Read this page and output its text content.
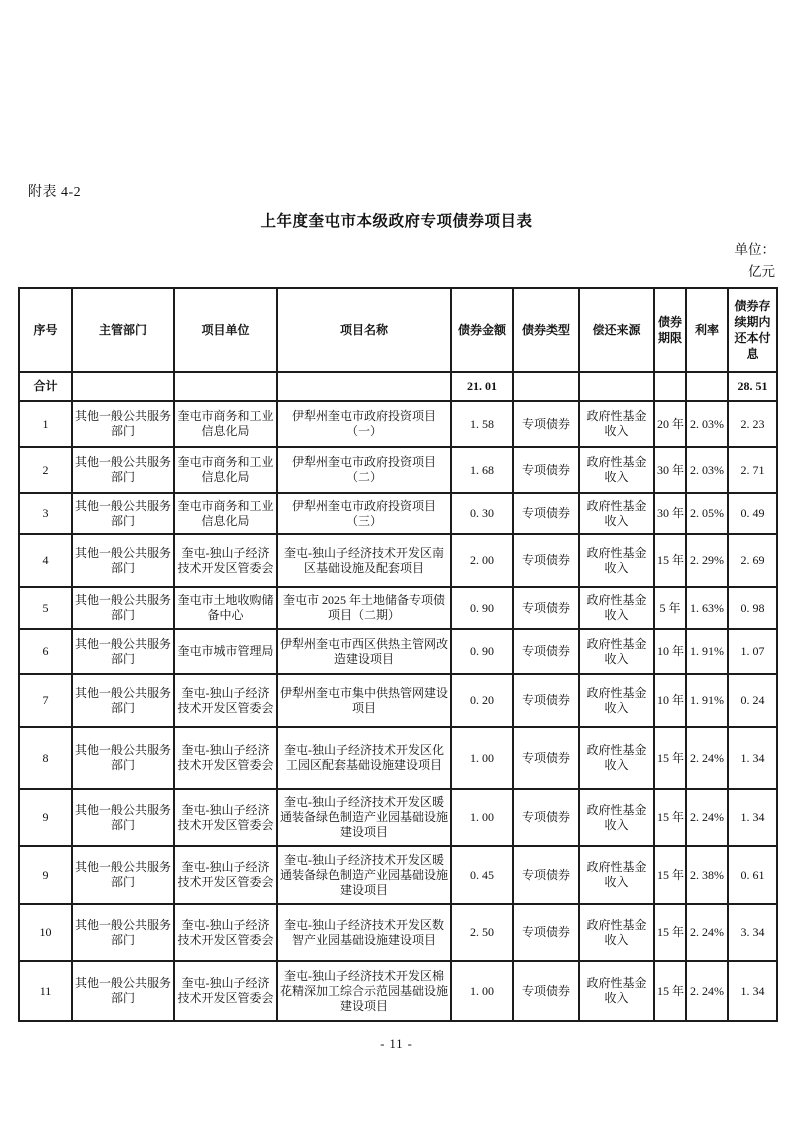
附表 4-2
上年度奎屯市本级政府专项债券项目表
单位：
亿元
序号	主管部门	项目单位	项目名称	债券金额	债券类型	偿还来源	债券期限	利率	债券存续期内还本付息
合计				21. 01					28. 51
1	其他一般公共服务部门	奎屯市商务和工业信息化局	伊犁州奎屯市政府投资项目（一）	1. 58	专项债券	政府性基金收入	20 年	2. 03%	2. 23
2	其他一般公共服务部门	奎屯市商务和工业信息化局	伊犁州奎屯市政府投资项目（二）	1. 68	专项债券	政府性基金收入	30 年	2. 03%	2. 71
3	其他一般公共服务部门	奎屯市商务和工业信息化局	伊犁州奎屯市政府投资项目（三）	0. 30	专项债券	政府性基金收入	30 年	2. 05%	0. 49
4	其他一般公共服务部门	奎屯-独山子经济技术开发区管委会	奎屯-独山子经济技术开发区南区基础设施及配套项目	2. 00	专项债券	政府性基金收入	15 年	2. 29%	2. 69
5	其他一般公共服务部门	奎屯市土地收购储备中心	奎屯市 2025 年土地储备专项债项目（二期）	0. 90	专项债券	政府性基金收入	5 年	1. 63%	0. 98
6	其他一般公共服务部门	奎屯市城市管理局	伊犁州奎屯市西区供热主管网改造建设项目	0. 90	专项债券	政府性基金收入	10 年	1. 91%	1. 07
7	其他一般公共服务部门	奎屯-独山子经济技术开发区管委会	伊犁州奎屯市集中供热管网建设项目	0. 20	专项债券	政府性基金收入	10 年	1. 91%	0. 24
8	其他一般公共服务部门	奎屯-独山子经济技术开发区管委会	奎屯-独山子经济技术开发区化工园区配套基础设施建设项目	1. 00	专项债券	政府性基金收入	15 年	2. 24%	1. 34
9	其他一般公共服务部门	奎屯-独山子经济技术开发区管委会	奎屯-独山子经济技术开发区暖通装备绿色制造产业园基础设施建设项目	1. 00	专项债券	政府性基金收入	15 年	2. 24%	1. 34
9	其他一般公共服务部门	奎屯-独山子经济技术开发区管委会	奎屯-独山子经济技术开发区暖通装备绿色制造产业园基础设施建设项目	0. 45	专项债券	政府性基金收入	15 年	2. 38%	0. 61
10	其他一般公共服务部门	奎屯-独山子经济技术开发区管委会	奎屯-独山子经济技术开发区数智产业园基础设施建设项目	2. 50	专项债券	政府性基金收入	15 年	2. 24%	3. 34
11	其他一般公共服务部门	奎屯-独山子经济技术开发区管委会	奎屯-独山子经济技术开发区棉花精深加工综合示范园基础设施建设项目	1. 00	专项债券	政府性基金收入	15 年	2. 24%	1. 34
- 11 -
